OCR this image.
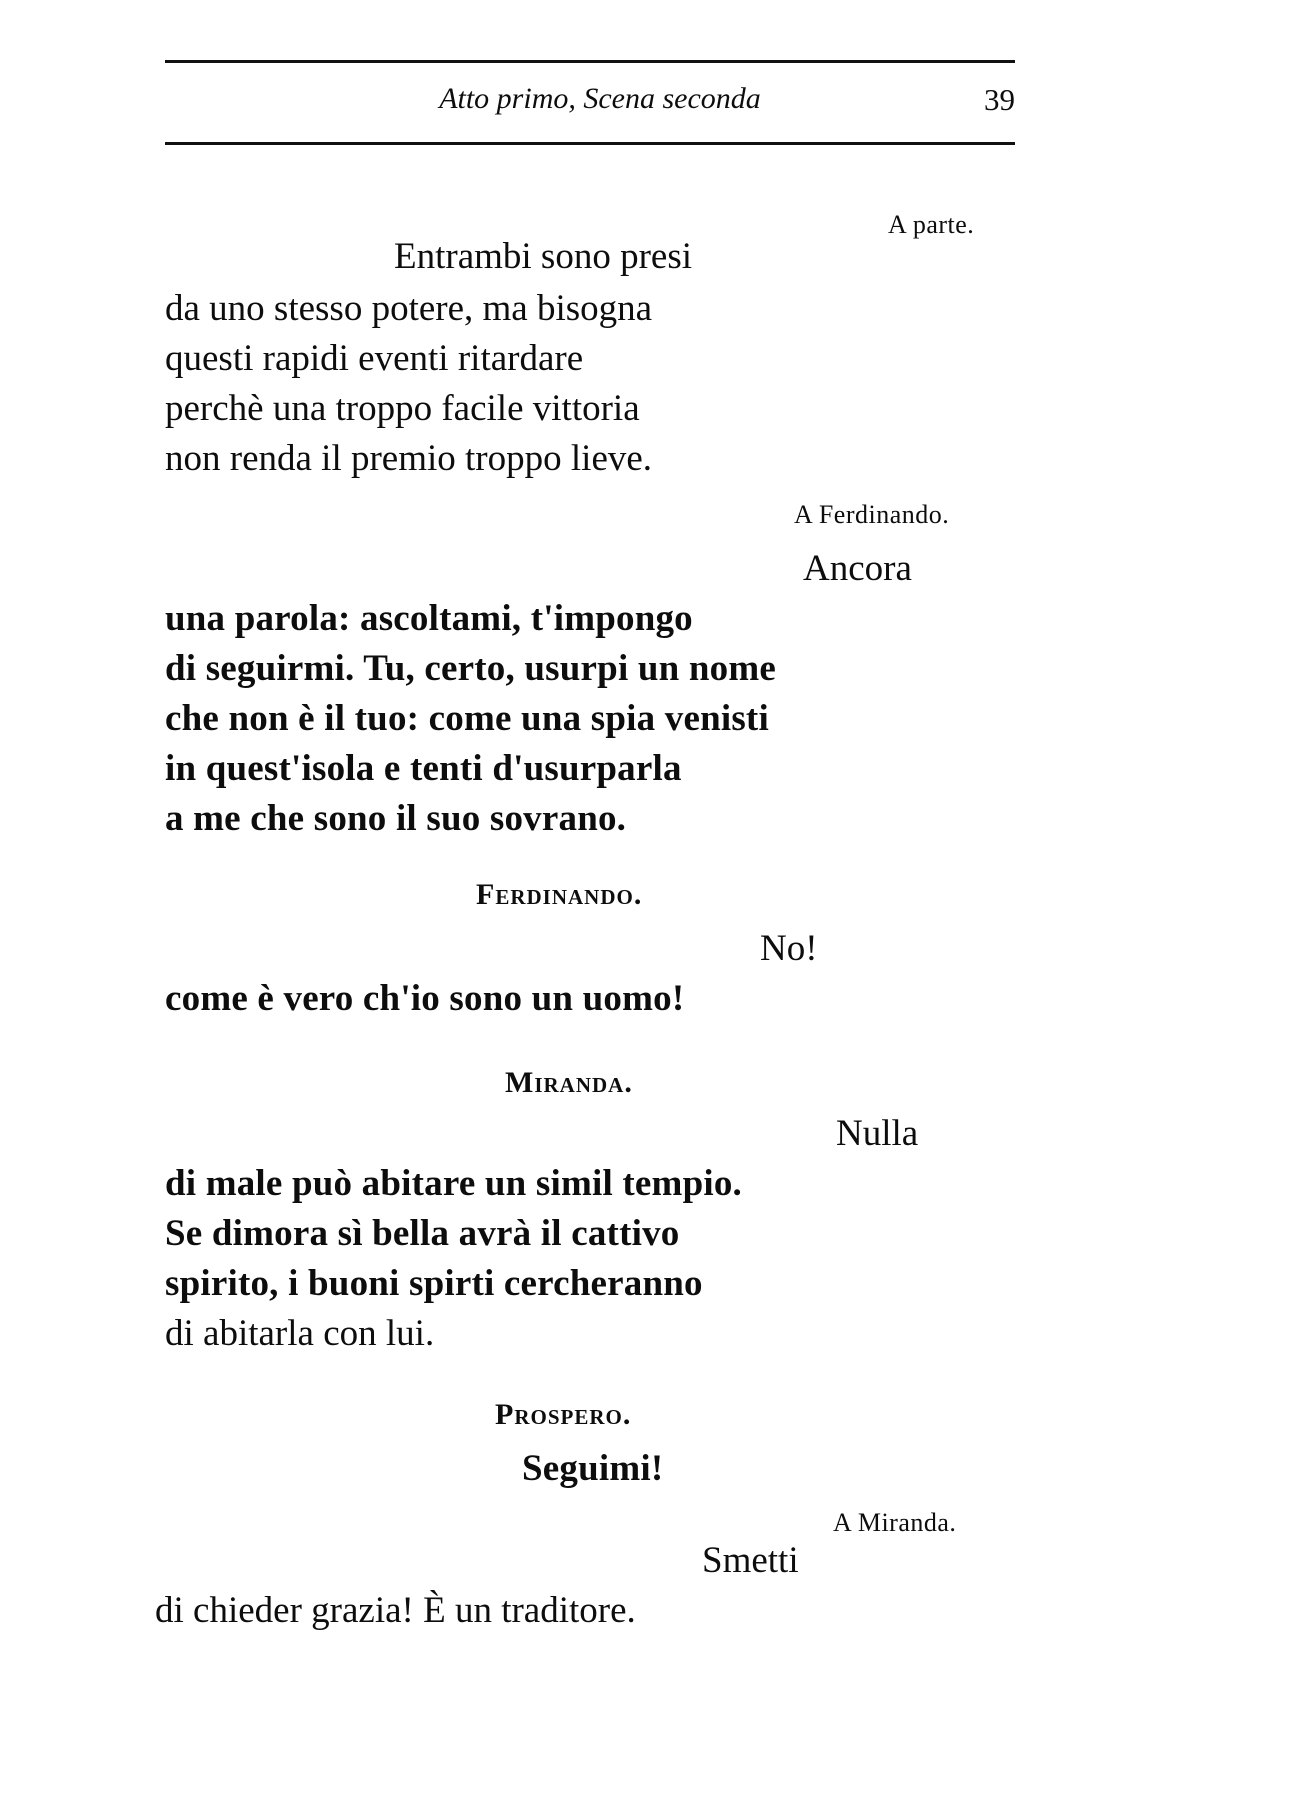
Atto primo, Scena seconda	39
A parte.
Entrambi sono presi
da uno stesso potere, ma bisogna
questi rapidi eventi ritardare
perchè una troppo facile vittoria
non renda il premio troppo lieve.
A Ferdinando.
Ancora
una parola: ascoltami, t'impongo
di seguirmi. Tu, certo, usurpi un nome
che non è il tuo: come una spia venisti
in quest'isola e tenti d'usurparla
a me che sono il suo sovrano.
Ferdinando.
No!
come è vero ch'io sono un uomo!
Miranda.
Nulla
di male può abitare un simil tempio.
Se dimora sì bella avrà il cattivo
spirito, i buoni spirti cercheranno
di abitarla con lui.
Prospero.
Seguimi!
A Miranda.
Smetti
di chieder grazia! È un traditore.
